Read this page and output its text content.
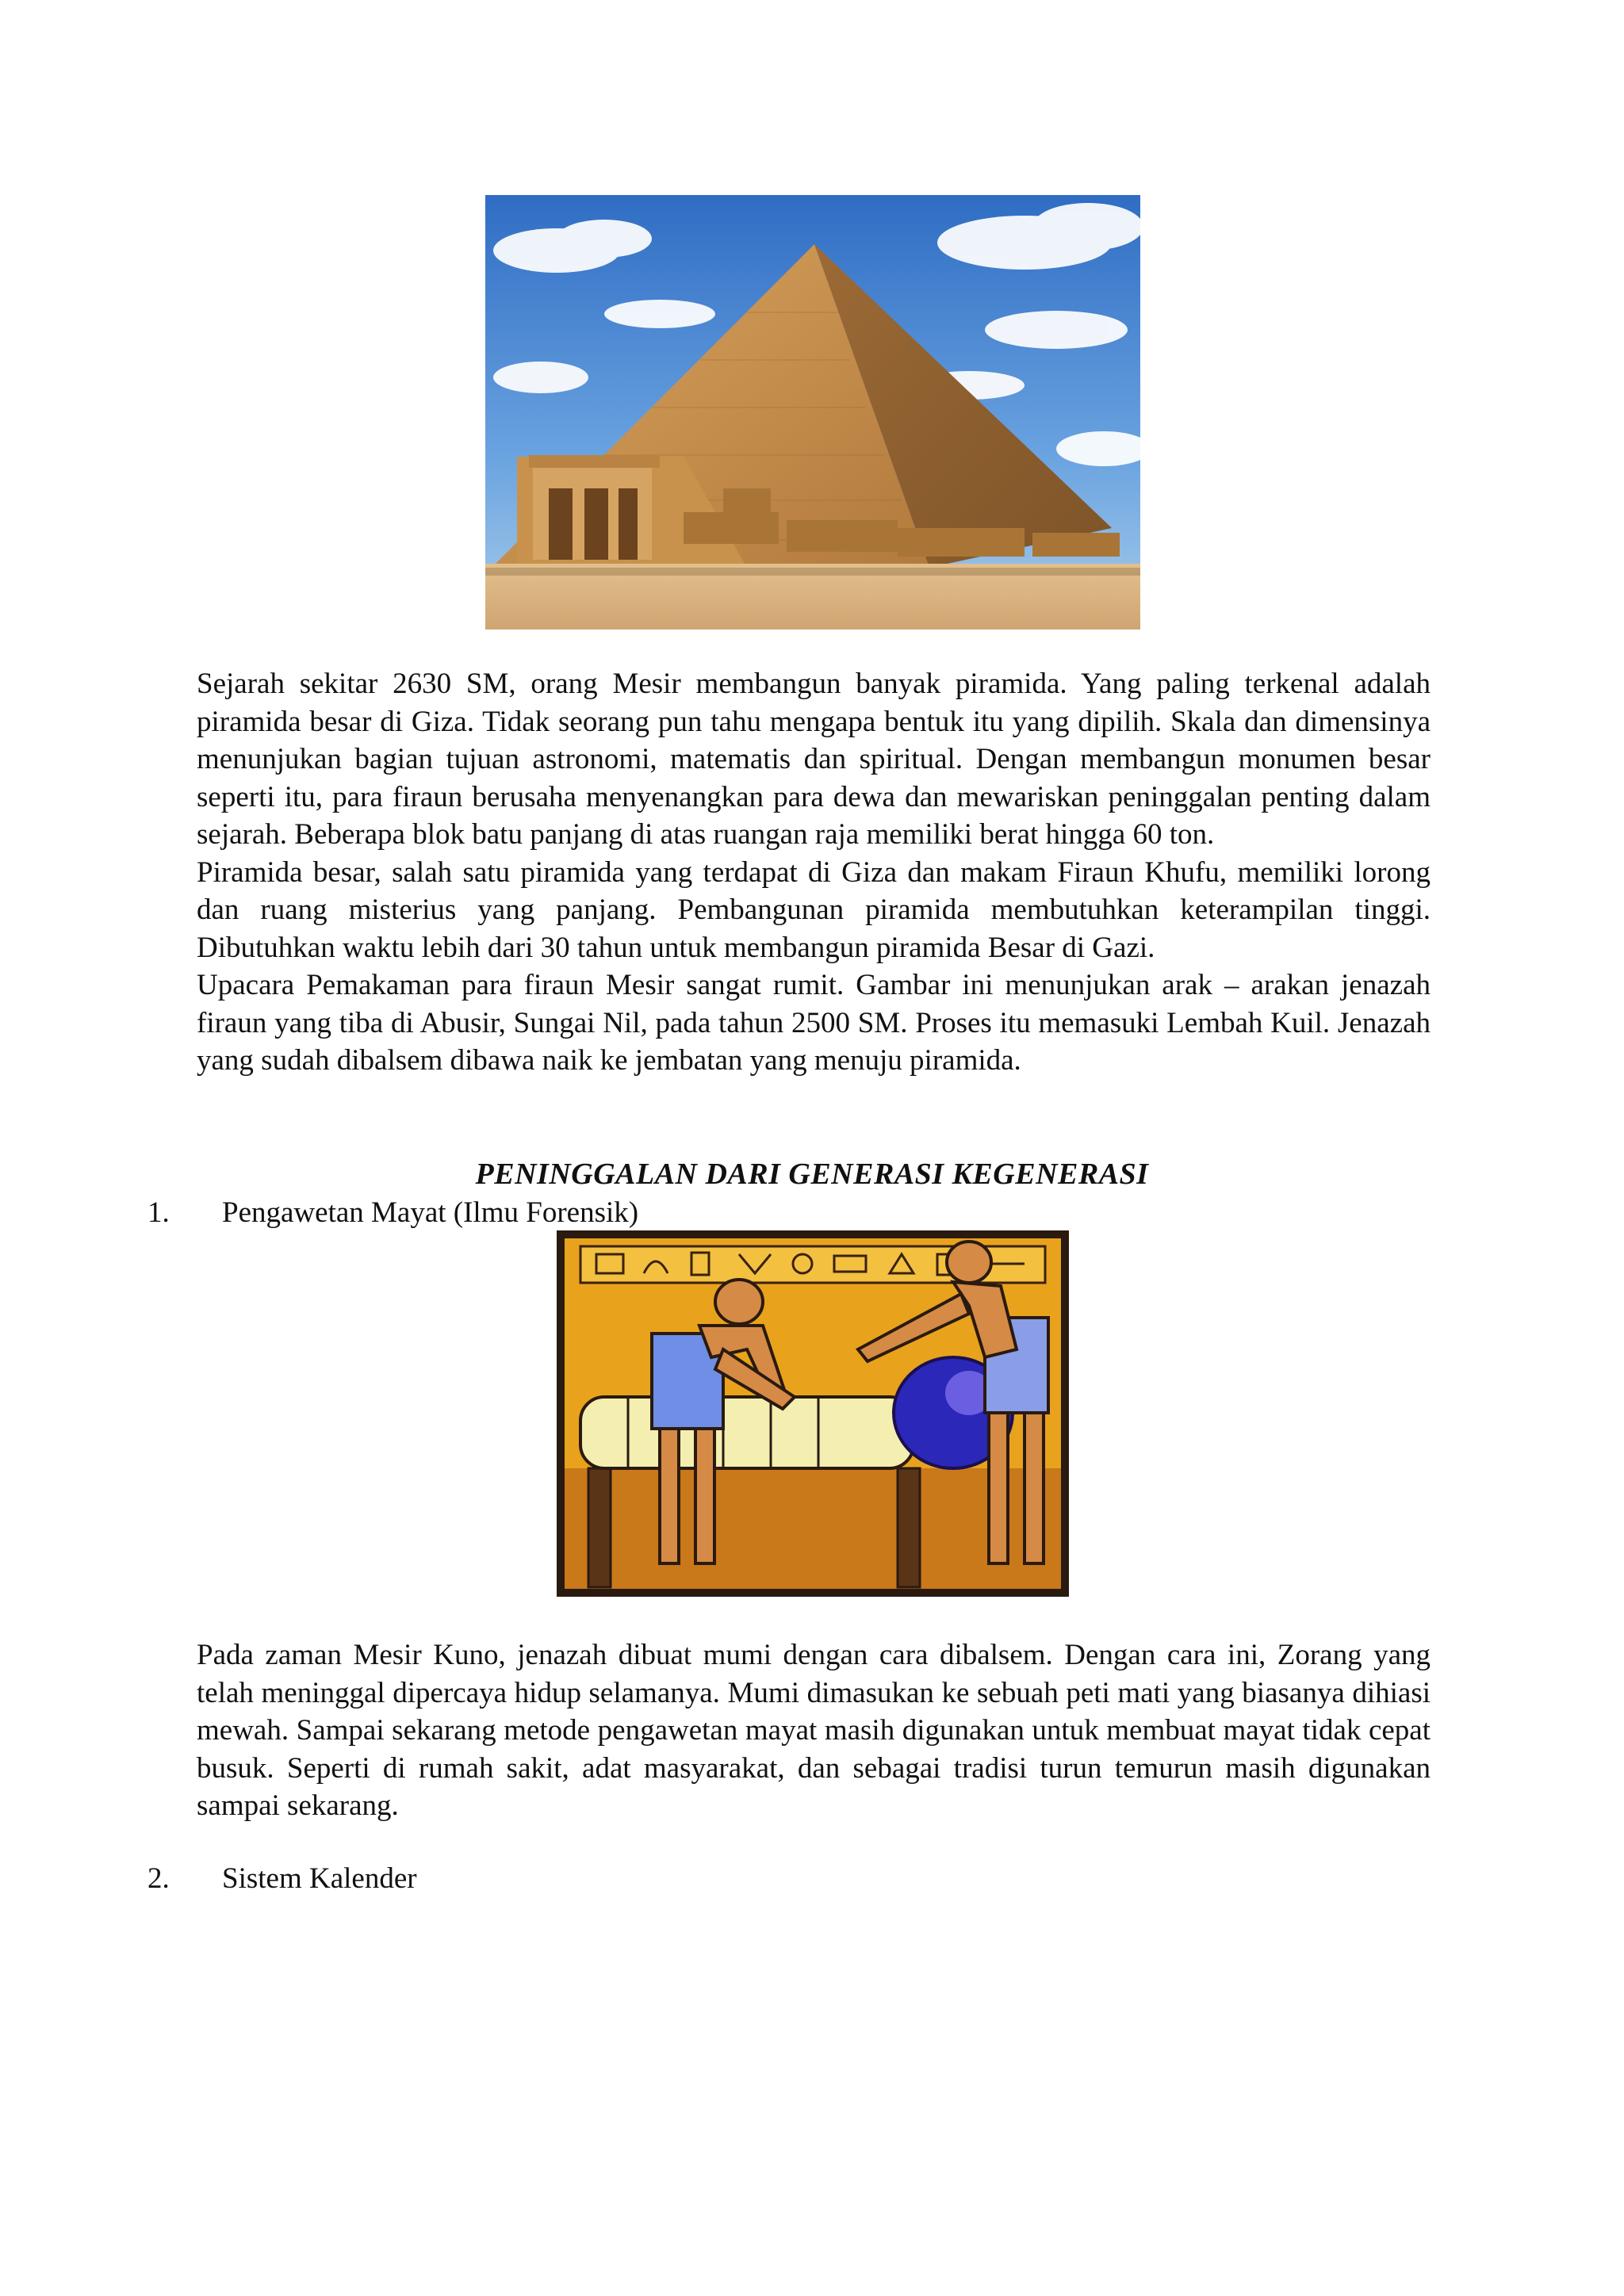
Sejarah sekitar 2630 SM, orang Mesir membangun banyak piramida. Yang paling terkenal adalah piramida besar di Giza. Tidak seorang pun tahu mengapa bentuk itu yang dipilih. Skala dan dimensinya menunjukan bagian tujuan astronomi, matematis dan spiritual. Dengan membangun monumen besar seperti itu, para firaun berusaha menyenangkan para dewa dan mewariskan peninggalan penting dalam sejarah. Beberapa blok batu panjang di atas ruangan raja memiliki berat hingga 60 ton.

Piramida besar, salah satu piramida yang terdapat di Giza dan makam Firaun Khufu, memiliki lorong dan ruang misterius yang panjang. Pembangunan piramida membutuhkan keterampilan tinggi. Dibutuhkan waktu lebih dari 30 tahun untuk membangun piramida Besar di Gazi.

Upacara Pemakaman para firaun Mesir sangat rumit. Gambar ini menunjukan arak – arakan jenazah firaun yang tiba di Abusir, Sungai Nil, pada tahun 2500 SM. Proses itu memasuki Lembah Kuil. Jenazah yang sudah dibalsem dibawa naik ke jembatan yang menuju piramida.

PENINGGALAN DARI GENERASI KEGENERASI
1. Pengawetan Mayat (Ilmu Forensik)

Pada zaman Mesir Kuno, jenazah dibuat mumi dengan cara dibalsem. Dengan cara ini, Zorang yang telah meninggal dipercaya hidup selamanya. Mumi dimasukan ke sebuah peti mati yang biasanya dihiasi mewah. Sampai sekarang metode pengawetan mayat masih digunakan untuk membuat mayat tidak cepat busuk. Seperti di rumah sakit, adat masyarakat, dan sebagai tradisi turun temurun masih digunakan sampai sekarang.

2. Sistem Kalender
